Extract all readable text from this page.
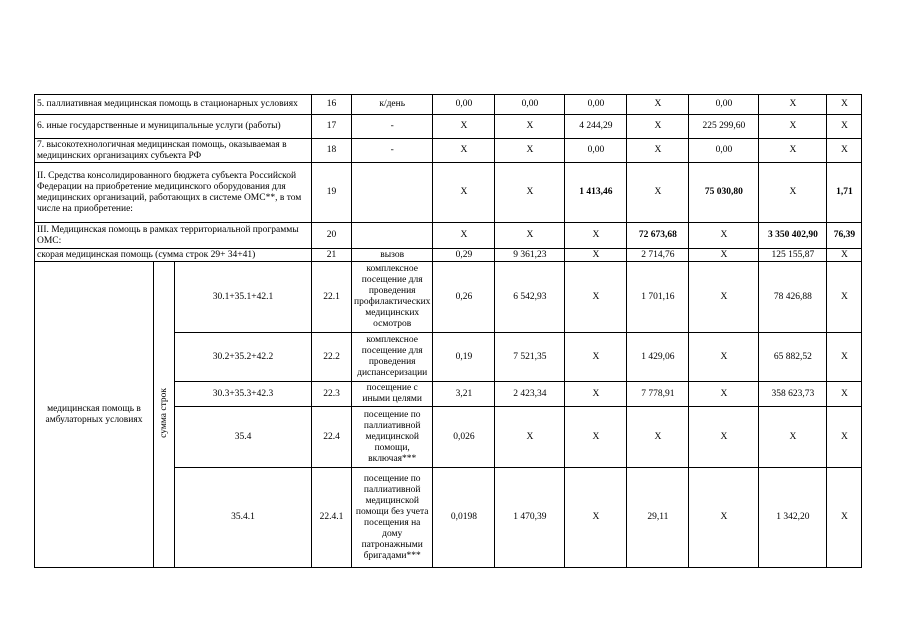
5. паллиативная медицинская помощь в стационарных условиях			16	к/день	0,00	0,00	0,00	Х	0,00	Х	Х
6. иные государственные и муниципальные услуги (работы)			17	-	Х	Х	4 244,29	Х	225 299,60	Х	Х
7. высокотехнологичная медицинская помощь, оказываемая в медицинских организациях субъекта РФ			18	-	Х	Х	0,00	Х	0,00	Х	Х
II. Средства консолидированного бюджета субъекта Российской Федерации на приобретение медицинского оборудования для медицинских организаций, работающих в системе ОМС**, в том числе на приобретение:			19		Х	Х	1 413,46	Х	75 030,80	Х	1,71
III. Медицинская помощь в рамках территориальной программы ОМС:			20		Х	Х	Х	72 673,68	Х	3 350 402,90	76,39
скорая медицинская помощь (сумма строк 29+ 34+41)			21	вызов	0,29	9 361,23	Х	2 714,76	Х	125 155,87	Х
медицинская помощь в амбулаторных условиях	сумма строк	30.1+35.1+42.1	22.1	комплексное посещение для проведения профилактических медицинских осмотров	0,26	6 542,93	Х	1 701,16	Х	78 426,88	Х
		30.2+35.2+42.2	22.2	комплексное посещение для проведения диспансеризации	0,19	7 521,35	Х	1 429,06	Х	65 882,52	Х
		30.3+35.3+42.3	22.3	посещение с иными целями	3,21	2 423,34	Х	7 778,91	Х	358 623,73	Х
		35.4	22.4	посещение по паллиативной медицинской помощи, включая***	0,026	Х	Х	Х	Х	Х	Х
		35.4.1	22.4.1	посещение по паллиативной медицинской помощи без учета посещения на дому патронажными бригадами***	0,0198	1 470,39	Х	29,11	Х	1 342,20	Х
